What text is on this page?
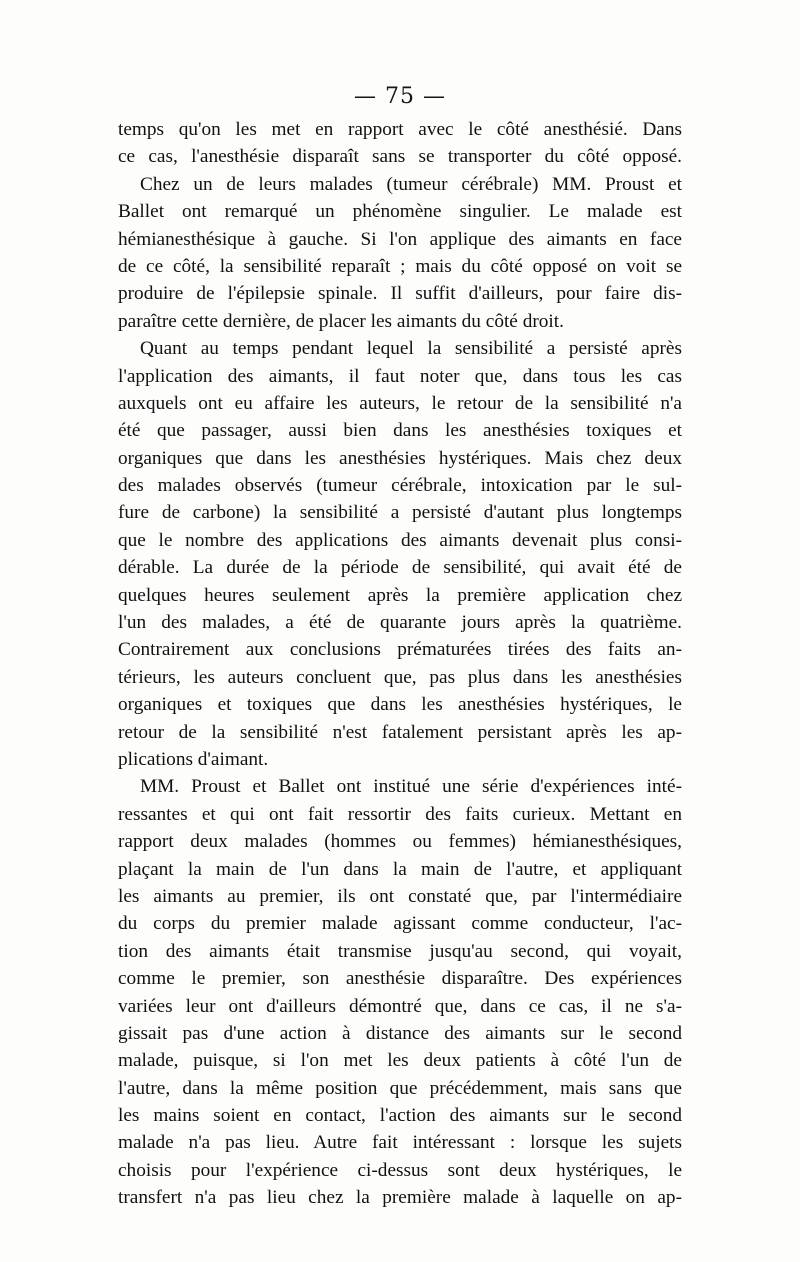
— 75 —
temps qu'on les met en rapport avec le côté anesthésié. Dans
ce cas, l'anesthésie disparaît sans se transporter du côté opposé.
Chez un de leurs malades (tumeur cérébrale) MM. Proust et
Ballet ont remarqué un phénomène singulier. Le malade est
hémianesthésique à gauche. Si l'on applique des aimants en face
de ce côté, la sensibilité reparaît ; mais du côté opposé on voit se
produire de l'épilepsie spinale. Il suffit d'ailleurs, pour faire dis-
paraître cette dernière, de placer les aimants du côté droit.
Quant au temps pendant lequel la sensibilité a persisté après
l'application des aimants, il faut noter que, dans tous les cas
auxquels ont eu affaire les auteurs, le retour de la sensibilité n'a
été que passager, aussi bien dans les anesthésies toxiques et
organiques que dans les anesthésies hystériques. Mais chez deux
des malades observés (tumeur cérébrale, intoxication par le sul-
fure de carbone) la sensibilité a persisté d'autant plus longtemps
que le nombre des applications des aimants devenait plus consi-
dérable. La durée de la période de sensibilité, qui avait été de
quelques heures seulement après la première application chez
l'un des malades, a été de quarante jours après la quatrième.
Contrairement aux conclusions prématurées tirées des faits an-
térieurs, les auteurs concluent que, pas plus dans les anesthésies
organiques et toxiques que dans les anesthésies hystériques, le
retour de la sensibilité n'est fatalement persistant après les ap-
plications d'aimant.
MM. Proust et Ballet ont institué une série d'expériences inté-
ressantes et qui ont fait ressortir des faits curieux. Mettant en
rapport deux malades (hommes ou femmes) hémianesthésiques,
plaçant la main de l'un dans la main de l'autre, et appliquant
les aimants au premier, ils ont constaté que, par l'intermédiaire
du corps du premier malade agissant comme conducteur, l'ac-
tion des aimants était transmise jusqu'au second, qui voyait,
comme le premier, son anesthésie disparaître. Des expériences
variées leur ont d'ailleurs démontré que, dans ce cas, il ne s'a-
gissait pas d'une action à distance des aimants sur le second
malade, puisque, si l'on met les deux patients à côté l'un de
l'autre, dans la même position que précédemment, mais sans que
les mains soient en contact, l'action des aimants sur le second
malade n'a pas lieu. Autre fait intéressant : lorsque les sujets
choisis pour l'expérience ci-dessus sont deux hystériques, le
transfert n'a pas lieu chez la première malade à laquelle on ap-
